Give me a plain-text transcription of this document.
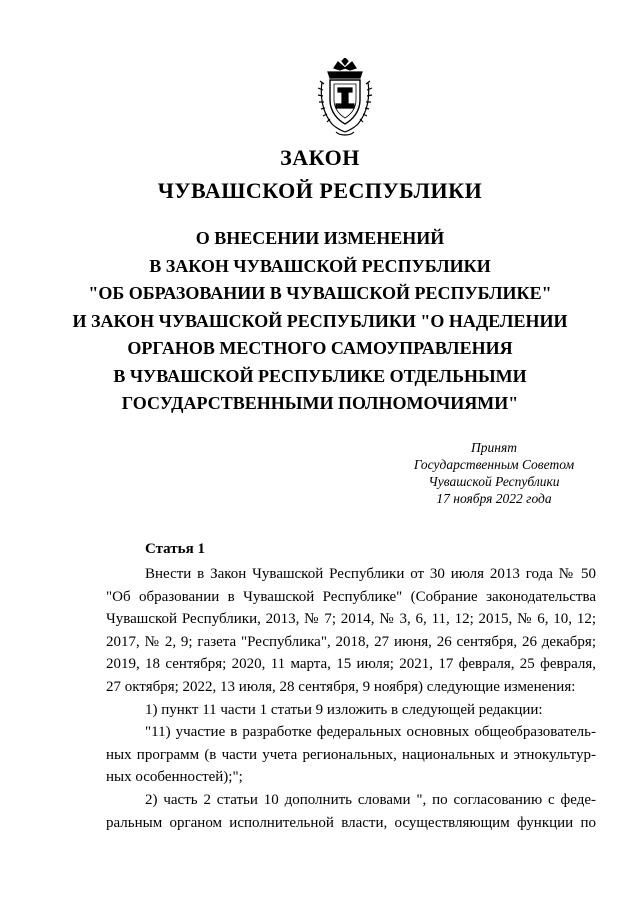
ЗАКОН
ЧУВАШСКОЙ РЕСПУБЛИКИ
О ВНЕСЕНИИ ИЗМЕНЕНИЙ
В ЗАКОН ЧУВАШСКОЙ РЕСПУБЛИКИ
"ОБ ОБРАЗОВАНИИ В ЧУВАШСКОЙ РЕСПУБЛИКЕ"
И ЗАКОН ЧУВАШСКОЙ РЕСПУБЛИКИ "О НАДЕЛЕНИИ
ОРГАНОВ МЕСТНОГО САМОУПРАВЛЕНИЯ
В ЧУВАШСКОЙ РЕСПУБЛИКЕ ОТДЕЛЬНЫМИ
ГОСУДАРСТВЕННЫМИ ПОЛНОМОЧИЯМИ"
Принят
Государственным Советом
Чувашской Республики
17 ноября 2022 года
Статья 1
Внести в Закон Чувашской Республики от 30 июля 2013 года № 50
"Об образовании в Чувашской Республике" (Собрание законодательства
Чувашской Республики, 2013, № 7; 2014, № 3, 6, 11, 12; 2015, № 6, 10, 12;
2017, № 2, 9; газета "Республика", 2018, 27 июня, 26 сентября, 26 декабря;
2019, 18 сентября; 2020, 11 марта, 15 июля; 2021, 17 февраля, 25 февраля,
27 октября; 2022, 13 июля, 28 сентября, 9 ноября) следующие изменения:
1) пункт 11 части 1 статьи 9 изложить в следующей редакции:
"11) участие в разработке федеральных основных общеобразователь-
ных программ (в части учета региональных, национальных и этнокультур-
ных особенностей);";
2) часть 2 статьи 10 дополнить словами ", по согласованию с феде-
ральным органом исполнительной власти, осуществляющим функции по
